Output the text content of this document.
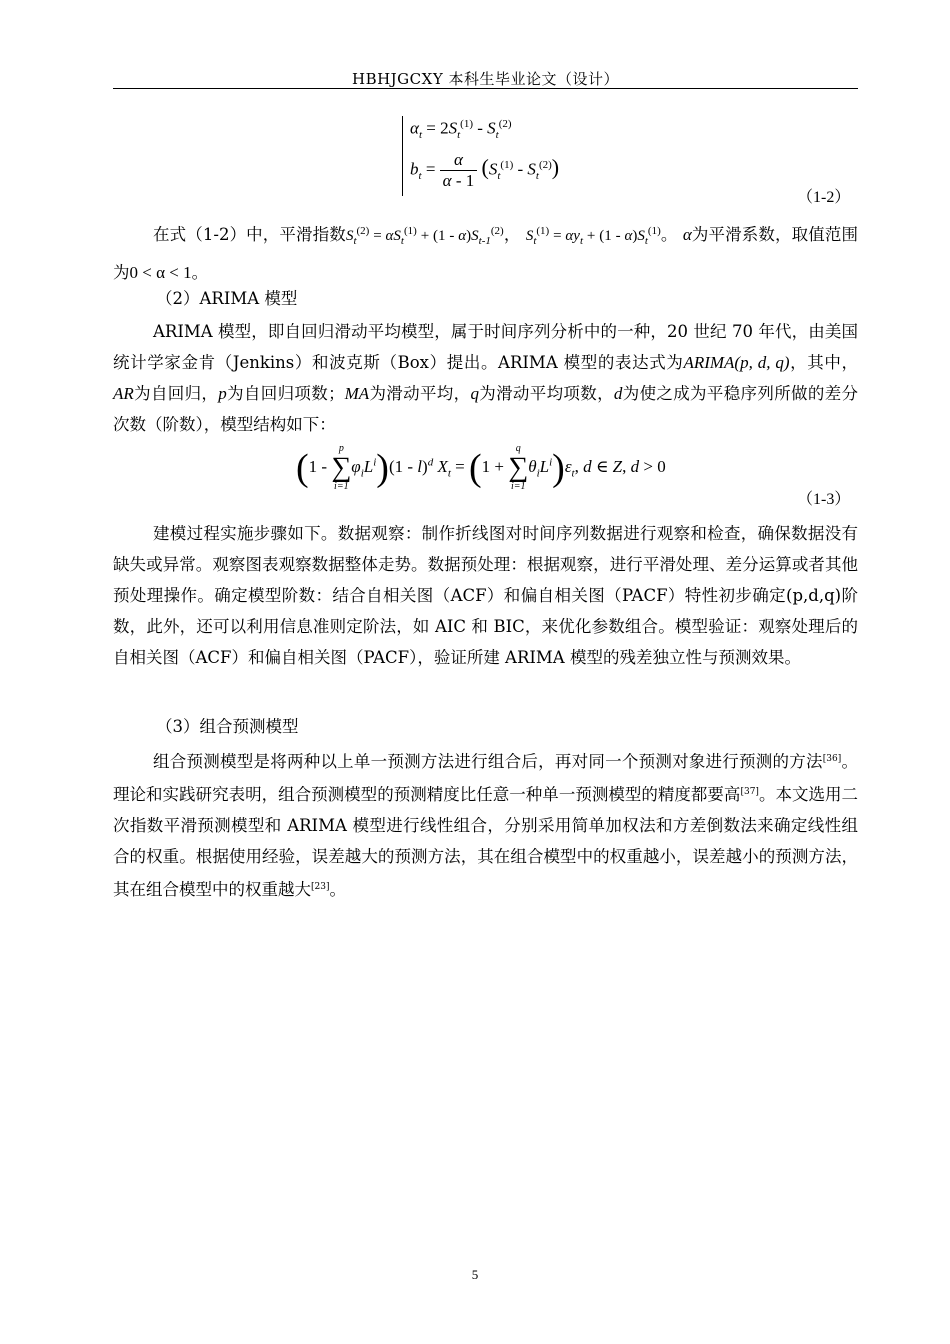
HBHJGCXY 本科生毕业论文（设计）
$\alpha_t = 2S_t^{(1)} - S_t^{(2)}$
$b_t = \frac{\alpha}{\alpha - 1} (S_t^{(1)} - S_t^{(2)})$
（1-2）
在式（1-2）中，平滑指数$S_t^{(2)} = \alpha S_t^{(1)} + (1 - \alpha)S_{t-1}^{(2)}$， $S_t^{(1)} = \alpha y_t + (1 - \alpha)S_t^{(1)}$。 α为平滑系数，取值范围为0 < α < 1。
（2）ARIMA 模型
ARIMA 模型，即自回归滑动平均模型，属于时间序列分析中的一种，20 世纪 70 年代，由美国统计学家金肯（Jenkins）和波克斯（Box）提出。ARIMA 模型的表达式为ARIMA(p, d, q)，其中，AR为自回归，p为自回归项数；MA为滑动平均，q为滑动平均项数，d为使之成为平稳序列所做的差分次数（阶数），模型结构如下：
(1 -
p
∑
i=1
$\varphi_iL^i)(1 - l)^d$ $X_t = (1$ +
q
∑
i=1
$\theta_iL^i)\varepsilon_t$, d ∈ Z, d > 0
（1-3）
建模过程实施步骤如下。数据观察：制作折线图对时间序列数据进行观察和检查，确保数据没有缺失或异常。观察图表观察数据整体走势。数据预处理：根据观察，进行平滑处理、差分运算或者其他预处理操作。确定模型阶数：结合自相关图（ACF）和偏自相关图（PACF）特性初步确定(p,d,q)阶数，此外，还可以利用信息准则定阶法，如 AIC 和 BIC，来优化参数组合。模型验证：观察处理后的自相关图（ACF）和偏自相关图（PACF），验证所建 ARIMA 模型的残差独立性与预测效果。
（3）组合预测模型
组合预测模型是将两种以上单一预测方法进行组合后，再对同一个预测对象进行预测的方法[36]。理论和实践研究表明，组合预测模型的预测精度比任意一种单一预测模型的精度都要高[37]。本文选用二次指数平滑预测模型和 ARIMA 模型进行线性组合，分别采用简单加权法和方差倒数法来确定线性组合的权重。根据使用经验，误差越大的预测方法，其在组合模型中的权重越小，误差越小的预测方法，其在组合模型中的权重越大[23]。
5
